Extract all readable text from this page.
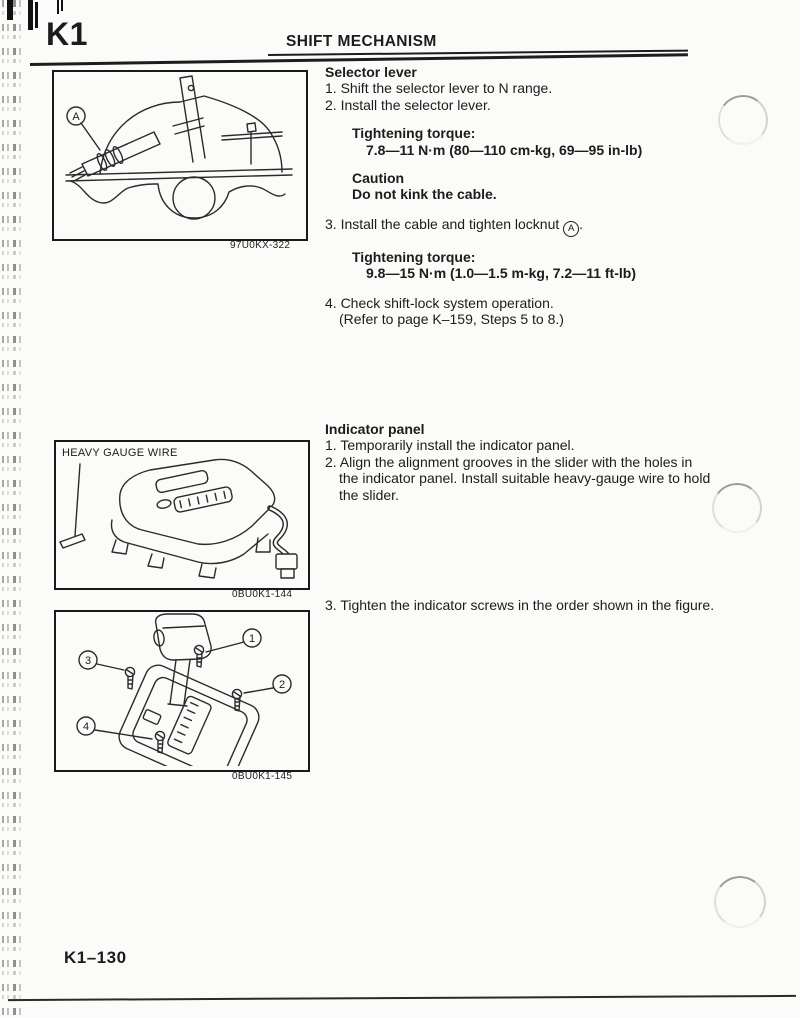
K1	SHIFT MECHANISM
A
97U0KX-322
Selector lever
1. Shift the selector lever to N range.
2. Install the selector lever.
Tightening torque:
7.8—11 N·m (80—110 cm-kg, 69—95 in-lb)
Caution
Do not kink the cable.
3. Install the cable and tighten locknut A .
Tightening torque:
9.8—15 N·m (1.0—1.5 m-kg, 7.2—11 ft-lb)
4. Check shift-lock system operation.
(Refer to page K–159, Steps 5 to 8.)
HEAVY GAUGE WIRE
0BU0K1-144
Indicator panel
1. Temporarily install the indicator panel.
2. Align the alignment grooves in the slider with the holes in
the indicator panel. Install suitable heavy-gauge wire to hold
the slider.
3. Tighten the indicator screws in the order shown in the figure.
1
2
3
4
0BU0K1-145
K1–130
